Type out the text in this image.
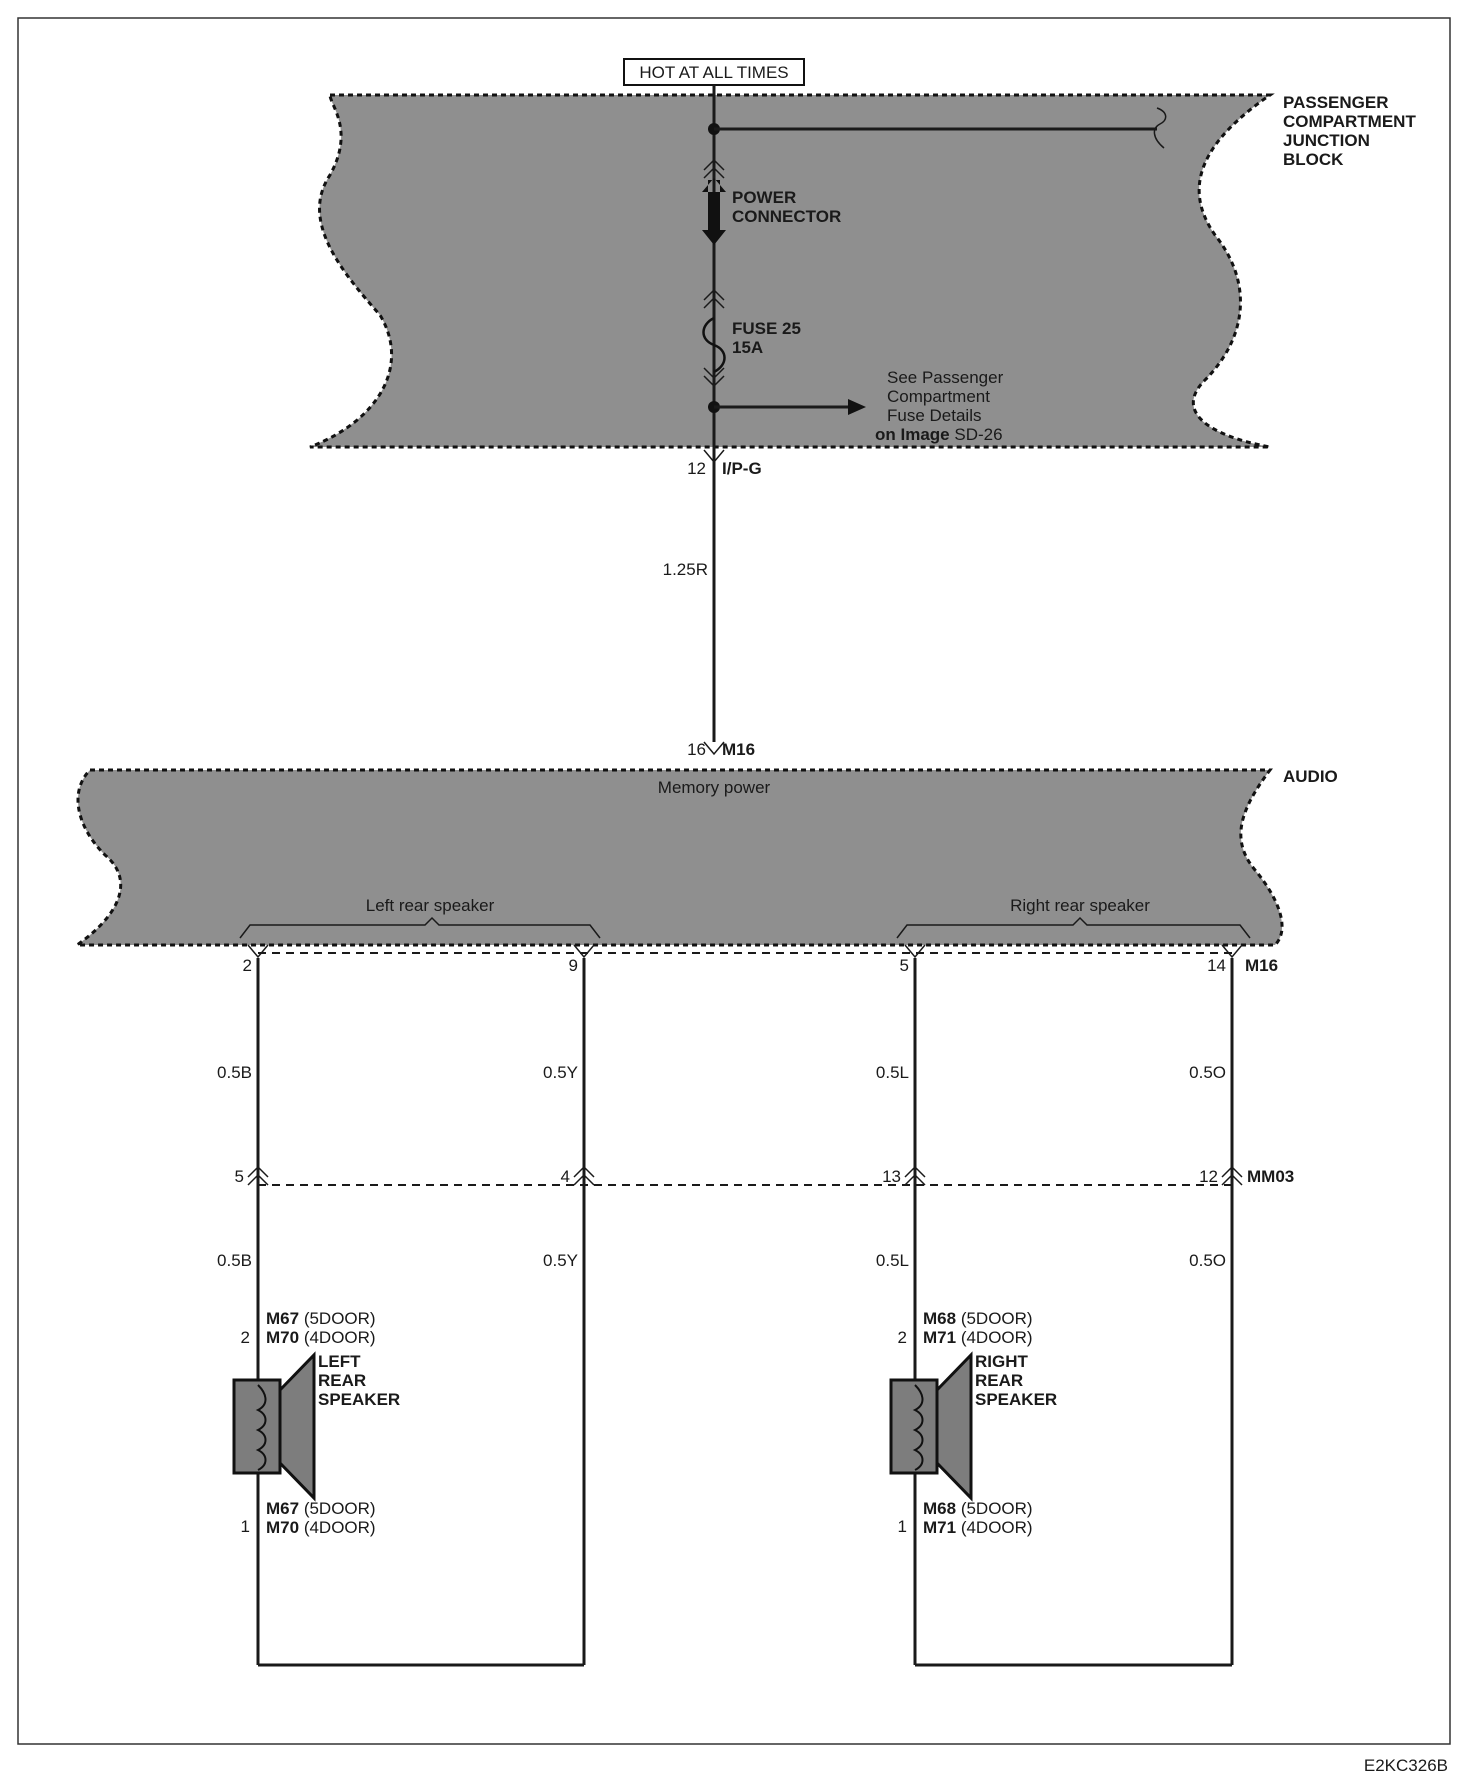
HOT AT ALL TIMES
POWER
CONNECTOR
FUSE 25
15A
See Passenger
Compartment
Fuse Details
on Image SD-26
PASSENGER
COMPARTMENT
JUNCTION
BLOCK
12 I/P-G
1.25R
16 M16
Memory power
AUDIO
Left rear speaker	Right rear speaker
2	9	5	14 M16
0.5B	0.5Y	0.5L	0.5O
5	4	13	12 MM03
0.5B	0.5Y	0.5L	0.5O
2
M67 (5DOOR)
M70 (4DOOR)
LEFT
REAR
SPEAKER
1
M67 (5DOOR)
M70 (4DOOR)
2
M68 (5DOOR)
M71 (4DOOR)
RIGHT
REAR
SPEAKER
1
M68 (5DOOR)
M71 (4DOOR)
E2KC326B
